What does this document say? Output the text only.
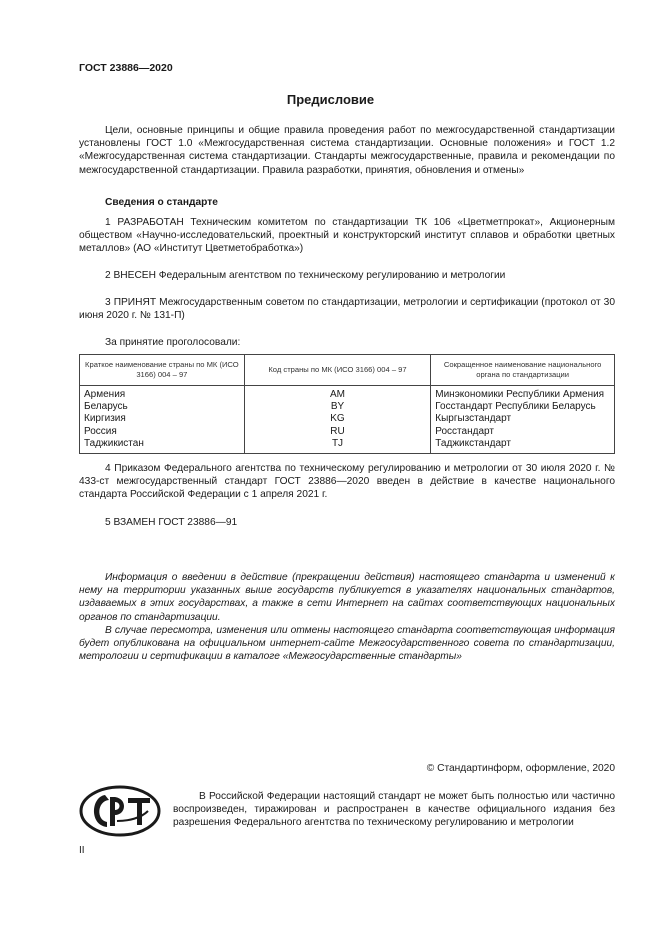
ГОСТ 23886—2020
Предисловие

Цели, основные принципы и общие правила проведения работ по межгосударственной стандартизации установлены ГОСТ 1.0 «Межгосударственная система стандартизации. Основные положения» и ГОСТ 1.2 «Межгосударственная система стандартизации. Стандарты межгосударственные, правила и рекомендации по межгосударственной стандартизации. Правила разработки, принятия, обновления и отмены»

Сведения о стандарте

1 РАЗРАБОТАН Техническим комитетом по стандартизации ТК 106 «Цветметпрокат», Акционерным обществом «Научно-исследовательский, проектный и конструкторский институт сплавов и обработки цветных металлов» (АО «Институт Цветметобработка»)

2 ВНЕСЕН Федеральным агентством по техническому регулированию и метрологии

3 ПРИНЯТ Межгосударственным советом по стандартизации, метрологии и сертификации (протокол от 30 июня 2020 г. № 131-П)

За принятие проголосовали:

Краткое наименование страны по МК (ИСО 3166) 004 – 97	Код страны по МК (ИСО 3166) 004 – 97	Сокращенное наименование национального органа по стандартизации
Армения	AM	Минэкономики Республики Армения
Беларусь	BY	Госстандарт Республики Беларусь
Киргизия	KG	Кыргызстандарт
Россия	RU	Росстандарт
Таджикистан	TJ	Таджикстандарт

4 Приказом Федерального агентства по техническому регулированию и метрологии от 30 июля 2020 г. № 433-ст межгосударственный стандарт ГОСТ 23886—2020 введен в действие в качестве национального стандарта Российской Федерации с 1 апреля 2021 г.

5 ВЗАМЕН ГОСТ 23886—91

Информация о введении в действие (прекращении действия) настоящего стандарта и изменений к нему на территории указанных выше государств публикуется в указателях национальных стандартов, издаваемых в этих государствах, а также в сети Интернет на сайтах соответствующих национальных органов по стандартизации.

В случае пересмотра, изменения или отмены настоящего стандарта соответствующая информация будет опубликована на официальном интернет-сайте Межгосударственного совета по стандартизации, метрологии и сертификации в каталоге «Межгосударственные стандарты»

© Стандартинформ, оформление, 2020

В Российской Федерации настоящий стандарт не может быть полностью или частично воспроизведен, тиражирован и распространен в качестве официального издания без разрешения Федерального агентства по техническому регулированию и метрологии

II
